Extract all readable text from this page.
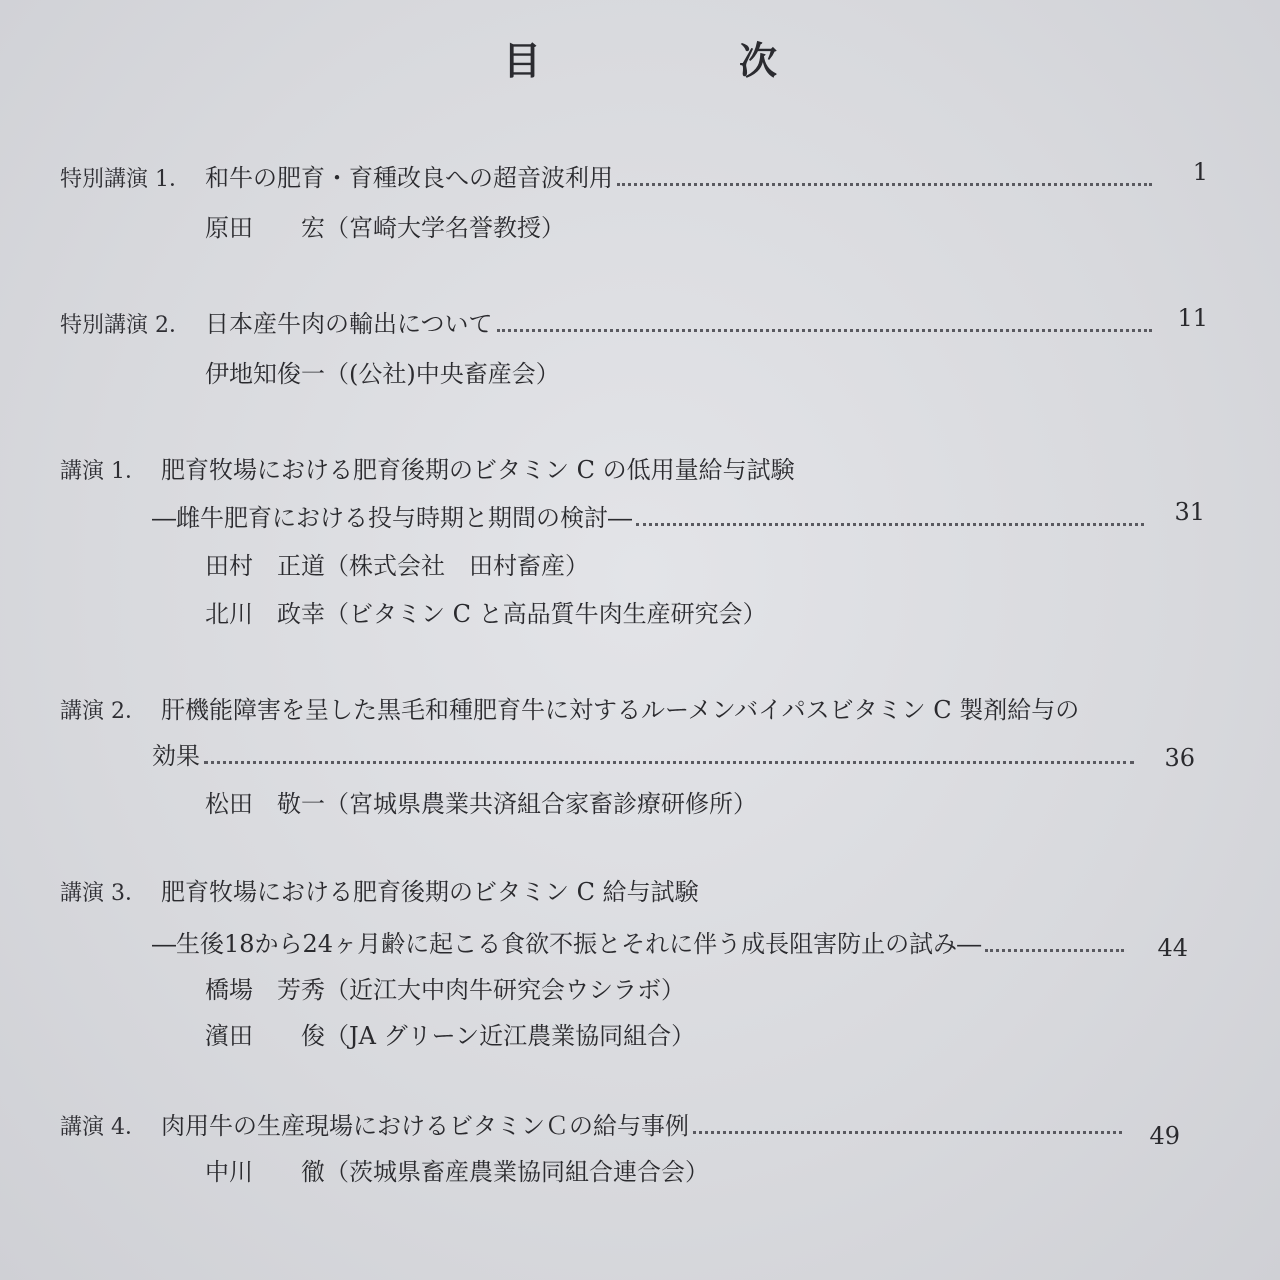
目　次
特別講演 1． 和牛の肥育・育種改良への超音波利用	1
原田　　宏（宮崎大学名誉教授）
特別講演 2． 日本産牛肉の輸出について	11
伊地知俊一（(公社)中央畜産会）
講演 1． 肥育牧場における肥育後期のビタミン C の低用量給与試験
―雌牛肥育における投与時期と期間の検討―	31
田村　正道（株式会社　田村畜産）
北川　政幸（ビタミン C と高品質牛肉生産研究会）
講演 2． 肝機能障害を呈した黒毛和種肥育牛に対するルーメンバイパスビタミン C 製剤給与の
効果	36
松田　敬一（宮城県農業共済組合家畜診療研修所）
講演 3． 肥育牧場における肥育後期のビタミン C 給与試験
―生後18から24ヶ月齢に起こる食欲不振とそれに伴う成長阻害防止の試み―	44
橋場　芳秀（近江大中肉牛研究会ウシラボ）
濱田　　俊（JA グリーン近江農業協同組合）
講演 4． 肉用牛の生産現場におけるビタミンＣの給与事例	49
中川　　徹（茨城県畜産農業協同組合連合会）
